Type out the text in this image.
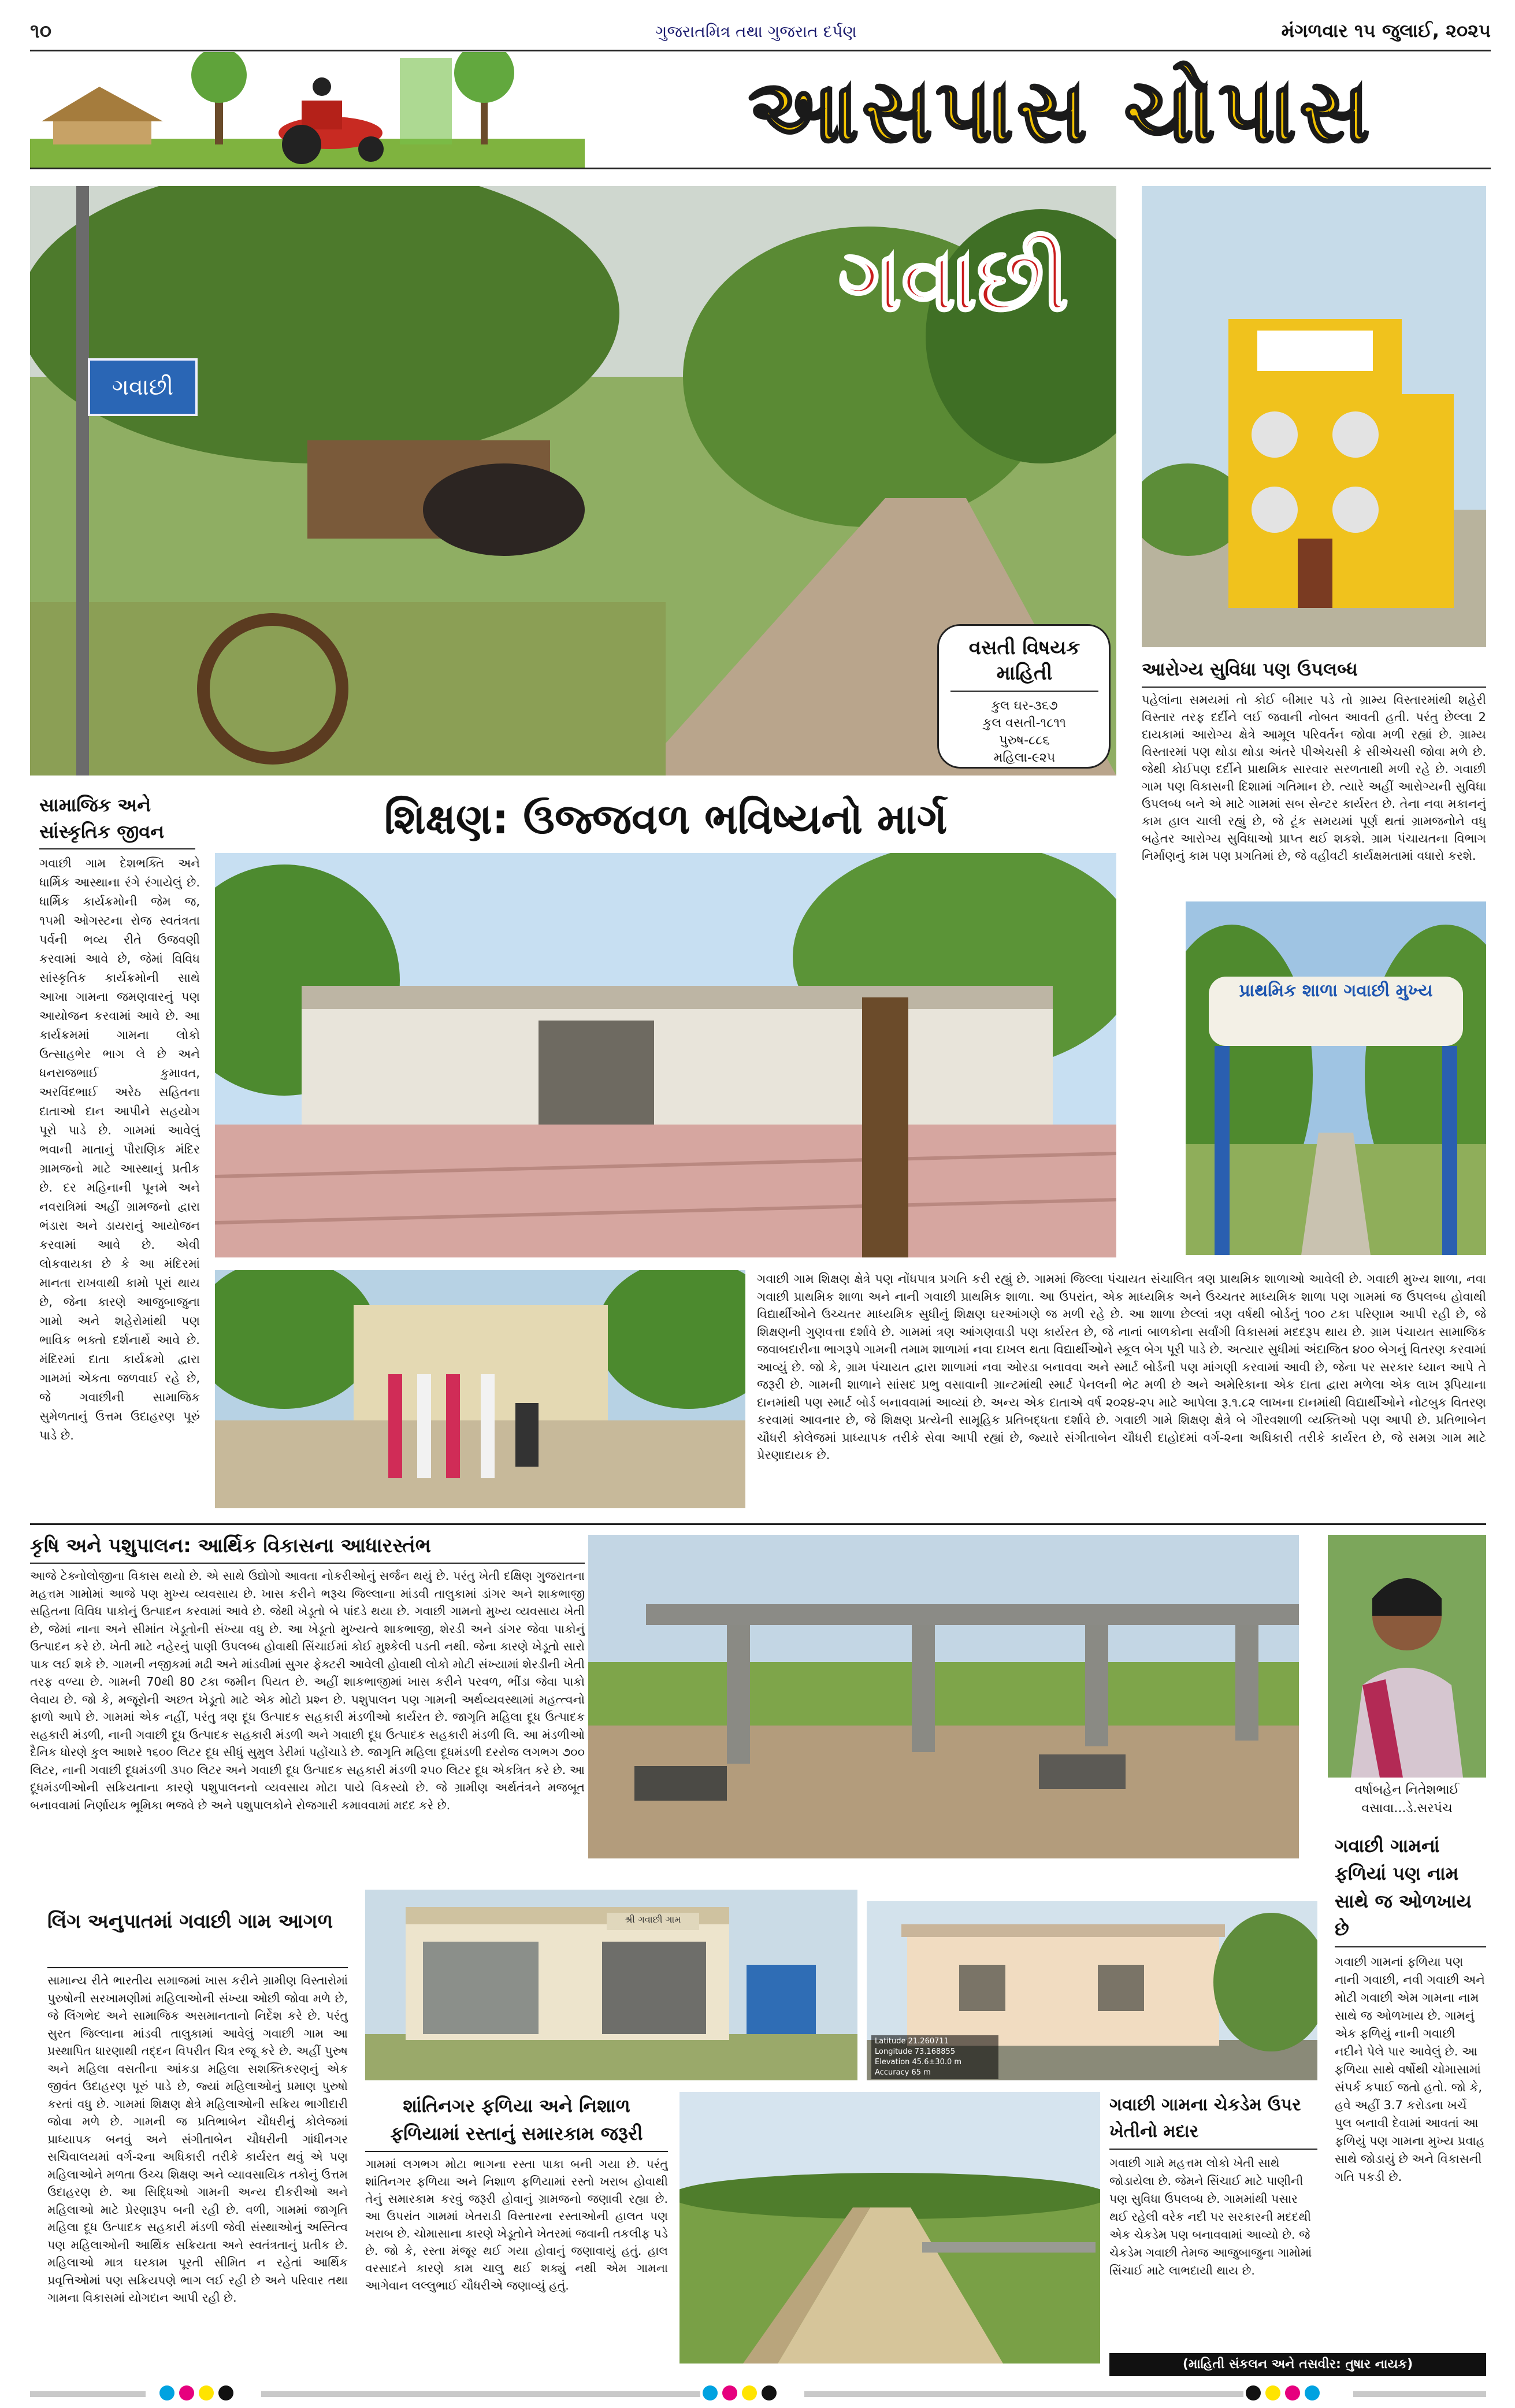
૧૦	ગુજરાતમિત્ર તથા ગુજરાત દર્પણ	મંગળવાર ૧૫ જુલાઈ, ૨૦૨૫
આસપાસ ચોપાસ
ગવાછી
ગવાછી
વસતી વિષયક માહિતી
કુલ ઘર-૩૬૭
કુલ વસતી-૧૮૧૧
પુરુષ-૮૮૬
મહિલા-૯૨૫
આરોગ્ય સુવિધા પણ ઉપલબ્ધ
પહેલાંના સમયમાં તો કોઈ બીમાર પડે તો ગ્રામ્ય વિસ્તારમાંથી શહેરી વિસ્તાર તરફ દર્દીને લઈ જવાની નોબત આવતી હતી. પરંતુ છેલ્લા 2 દાયકામાં આરોગ્ય ક્ષેત્રે આમૂલ પરિવર્તન જોવા મળી રહ્યાં છે. ગ્રામ્ય વિસ્તારમાં પણ થોડા થોડા અંતરે પીએચસી કે સીએચસી જોવા મળે છે. જેથી કોઈપણ દર્દીને પ્રાથમિક સારવાર સરળતાથી મળી રહે છે. ગવાછી ગામ પણ વિકાસની દિશામાં ગતિમાન છે. ત્યારે અહીં આરોગ્યની સુવિધા ઉપલબ્ધ બને એ માટે ગામમાં સબ સેન્ટર કાર્યરત છે. તેના નવા મકાનનું કામ હાલ ચાલી રહ્યું છે, જે ટૂંક સમયમાં પૂર્ણ થતાં ગ્રામજનોને વધુ બહેતર આરોગ્ય સુવિધાઓ પ્રાપ્ત થઈ શકશે. ગ્રામ પંચાયતના વિભાગ નિર્માણનું કામ પણ પ્રગતિમાં છે, જે વહીવટી કાર્યક્ષમતામાં વધારો કરશે.
પ્રાથમિક શાળા ગવાછી મુખ્ય
સામાજિક અને સાંસ્કૃતિક જીવન
ગવાછી ગામ દેશભક્તિ અને ધાર્મિક આસ્થાના રંગે રંગાયેલું છે. ધાર્મિક કાર્યક્રમોની જેમ જ, ૧૫મી ઓગસ્ટના રોજ સ્વતંત્રતા પર્વની ભવ્ય રીતે ઉજવણી કરવામાં આવે છે, જેમાં વિવિધ સાંસ્કૃતિક કાર્યક્રમોની સાથે આખા ગામના જમણવારનું પણ આયોજન કરવામાં આવે છે. આ કાર્યક્રમમાં ગામના લોકો ઉત્સાહભેર ભાગ લે છે અને ધનરાજભાઈ કુમાવત, અરવિંદભાઈ અરેઠ સહિતના દાતાઓ દાન આપીને સહયોગ પૂરો પાડે છે. ગામમાં આવેલું ભવાની માતાનું પૌરાણિક મંદિર ગ્રામજનો માટે આસ્થાનું પ્રતીક છે. દર મહિનાની પૂનમે અને નવરાત્રિમાં અહીં ગ્રામજનો દ્વારા ભંડારા અને ડાયરાનું આયોજન કરવામાં આવે છે. એવી લોકવાયકા છે કે આ મંદિરમાં માનતા રાખવાથી કામો પૂરાં થાય છે, જેના કારણે આજુબાજુના ગામો અને શહેરોમાંથી પણ ભાવિક ભક્તો દર્શનાર્થે આવે છે. મંદિરમાં દાતા કાર્યક્રમો દ્વારા ગામમાં એકતા જળવાઈ રહે છે, જે ગવાછીની સામાજિક સુમેળતાનું ઉત્તમ ઉદાહરણ પૂરું પાડે છે.
શિક્ષણ: ઉજ્જવળ ભવિષ્યનો માર્ગ
ગવાછી ગામ શિક્ષણ ક્ષેત્રે પણ નોંધપાત્ર પ્રગતિ કરી રહ્યું છે. ગામમાં જિલ્લા પંચાયત સંચાલિત ત્રણ પ્રાથમિક શાળાઓ આવેલી છે. ગવાછી મુખ્ય શાળા, નવા ગવાછી પ્રાથમિક શાળા અને નાની ગવાછી પ્રાથમિક શાળા. આ ઉપરાંત, એક માધ્યમિક અને ઉચ્ચતર માધ્યમિક શાળા પણ ગામમાં જ ઉપલબ્ધ હોવાથી વિદ્યાર્થીઓને ઉચ્ચતર માધ્યમિક સુધીનું શિક્ષણ ઘરઆંગણે જ મળી રહે છે. આ શાળા છેલ્લાં ત્રણ વર્ષથી બોર્ડનું ૧૦૦ ટકા પરિણામ આપી રહી છે, જે શિક્ષણની ગુણવત્તા દર્શાવે છે. ગામમાં ત્રણ આંગણવાડી પણ કાર્યરત છે, જે નાનાં બાળકોના સર્વાંગી વિકાસમાં મદદરૂપ થાય છે. ગ્રામ પંચાયત સામાજિક જવાબદારીના ભાગરૂપે ગામની તમામ શાળામાં નવા દાખલ થતા વિદ્યાર્થીઓને સ્કૂલ બેગ પૂરી પાડે છે. અત્યાર સુધીમાં અંદાજિત ૪૦૦ બેગનું વિતરણ કરવામાં આવ્યું છે. જો કે, ગ્રામ પંચાયત દ્વારા શાળામાં નવા ઓરડા બનાવવા અને સ્માર્ટ બોર્ડની પણ માંગણી કરવામાં આવી છે, જેના પર સરકાર ધ્યાન આપે તે જરૂરી છે. ગામની શાળાને સાંસદ પ્રભુ વસાવાની ગ્રાન્ટમાંથી સ્માર્ટ પેનલની ભેટ મળી છે અને અમેરિકાના એક દાતા દ્વારા મળેલા એક લાખ રૂપિયાના દાનમાંથી પણ સ્માર્ટ બોર્ડ બનાવવામાં આવ્યાં છે. અન્ય એક દાતાએ વર્ષ ૨૦૨૪-૨૫ માટે આપેલા રૂ.૧.૮૨ લાખના દાનમાંથી વિદ્યાર્થીઓને નોટબુક વિતરણ કરવામાં આવનાર છે, જે શિક્ષણ પ્રત્યેની સામૂહિક પ્રતિબદ્ધતા દર્શાવે છે. ગવાછી ગામે શિક્ષણ ક્ષેત્રે બે ગૌરવશાળી વ્યક્તિઓ પણ આપી છે. પ્રતિભાબેન ચૌધરી કોલેજમાં પ્રાધ્યાપક તરીકે સેવા આપી રહ્યાં છે, જ્યારે સંગીતાબેન ચૌધરી દાહોદમાં વર્ગ-૨ના અધિકારી તરીકે કાર્યરત છે, જે સમગ્ર ગામ માટે પ્રેરણાદાયક છે.
કૃષિ અને પશુપાલન: આર્થિક વિકાસના આધારસ્તંભ
આજે ટેક્નોલોજીના વિકાસ થયો છે. એ સાથે ઉદ્યોગો આવતા નોકરીઓનું સર્જન થયું છે. પરંતુ ખેતી દક્ષિણ ગુજરાતના મહત્તમ ગામોમાં આજે પણ મુખ્ય વ્યવસાય છે. ખાસ કરીને ભરૂચ જિલ્લાના માંડવી તાલુકામાં ડાંગર અને શાકભાજી સહિતના વિવિધ પાકોનું ઉત્પાદન કરવામાં આવે છે. જેથી ખેડૂતો બે પાંદડે થયા છે. ગવાછી ગામનો મુખ્ય વ્યવસાય ખેતી છે, જેમાં નાના અને સીમાંત ખેડૂતોની સંખ્યા વધુ છે. આ ખેડૂતો મુખ્યત્વે શાકભાજી, શેરડી અને ડાંગર જેવા પાકોનું ઉત્પાદન કરે છે. ખેતી માટે નહેરનું પાણી ઉપલબ્ધ હોવાથી સિંચાઈમાં કોઈ મુશ્કેલી પડતી નથી. જેના કારણે ખેડૂતો સારો પાક લઈ શકે છે. ગામની નજીકમાં મઢી અને માંડવીમાં સુગર ફેક્ટરી આવેલી હોવાથી લોકો મોટી સંખ્યામાં શેરડીની ખેતી તરફ વળ્યા છે. ગામની 70થી 80 ટકા જમીન પિયત છે. અહીં શાકભાજીમાં ખાસ કરીને પરવળ, ભીંડા જેવા પાકો લેવાય છે. જો કે, મજૂરોની અછત ખેડૂતો માટે એક મોટો પ્રશ્ન છે. પશુપાલન પણ ગામની અર્થવ્યવસ્થામાં મહત્ત્વનો ફાળો આપે છે. ગામમાં એક નહીં, પરંતુ ત્રણ દૂધ ઉત્પાદક સહકારી મંડળીઓ કાર્યરત છે. જાગૃતિ મહિલા દૂધ ઉત્પાદક સહકારી મંડળી, નાની ગવાછી દૂધ ઉત્પાદક સહકારી મંડળી અને ગવાછી દૂધ ઉત્પાદક સહકારી મંડળી લિ. આ મંડળીઓ દૈનિક ધોરણે કુલ આશરે ૧૬૦૦ લિટર દૂધ સીધું સુમુલ ડેરીમાં પહોંચાડે છે. જાગૃતિ મહિલા દૂધમંડળી દરરોજ લગભગ ૭૦૦ લિટર, નાની ગવાછી દૂધમંડળી ૩૫૦ લિટર અને ગવાછી દૂધ ઉત્પાદક સહકારી મંડળી ૨૫૦ લિટર દૂધ એકત્રિત કરે છે. આ દૂધમંડળીઓની સક્રિયતાના કારણે પશુપાલનનો વ્યવસાય મોટા પાયે વિકસ્યો છે. જે ગ્રામીણ અર્થતંત્રને મજબૂત બનાવવામાં નિર્ણાયક ભૂમિકા ભજવે છે અને પશુપાલકોને રોજગારી કમાવવામાં મદદ કરે છે.
વર્ષાબહેન નિતેશભાઈ
વસાવા...ડે.સરપંચ
ગવાછી ગામનાં ફળિયાં પણ નામ સાથે જ ઓળખાય છે
ગવાછી ગામનાં ફળિયા પણ નાની ગવાછી, નવી ગવાછી અને મોટી ગવાછી એમ ગામના નામ સાથે જ ઓળખાય છે. ગામનું એક ફળિયું નાની ગવાછી નદીને પેલે પાર આવેલું છે. આ ફળિયા સાથે વર્ષોથી ચોમાસામાં સંપર્ક કપાઈ જતો હતો. જો કે, હવે અહીં 3.7 કરોડના ખર્ચે પુલ બનાવી દેવામાં આવતાં આ ફળિયું પણ ગામના મુખ્ય પ્રવાહ સાથે જોડાયું છે અને વિકાસની ગતિ પકડી છે.
લિંગ અનુપાતમાં ગવાછી ગામ આગળ
સામાન્ય રીતે ભારતીય સમાજમાં ખાસ કરીને ગ્રામીણ વિસ્તારોમાં પુરુષોની સરખામણીમાં મહિલાઓની સંખ્યા ઓછી જોવા મળે છે, જે લિંગભેદ અને સામાજિક અસમાનતાનો નિર્દેશ કરે છે. પરંતુ સુરત જિલ્લાના માંડવી તાલુકામાં આવેલું ગવાછી ગામ આ પ્રસ્થાપિત ધારણાથી તદ્દન વિપરીત ચિત્ર રજૂ કરે છે. અહીં પુરુષ અને મહિલા વસતીના આંકડા મહિલા સશક્તિકરણનું એક જીવંત ઉદાહરણ પૂરું પાડે છે, જ્યાં મહિલાઓનું પ્રમાણ પુરુષો કરતાં વધુ છે. ગામમાં શિક્ષણ ક્ષેત્રે મહિલાઓની સક્રિય ભાગીદારી જોવા મળે છે. ગામની જ પ્રતિભાબેન ચૌધરીનું કોલેજમાં પ્રાધ્યાપક બનવું અને સંગીતાબેન ચૌધરીની ગાંધીનગર સચિવાલયમાં વર્ગ-૨ના અધિકારી તરીકે કાર્યરત થવું એ પણ મહિલાઓને મળતા ઉચ્ચ શિક્ષણ અને વ્યાવસાયિક તકોનું ઉત્તમ ઉદાહરણ છે. આ સિદ્ધિઓ ગામની અન્ય દીકરીઓ અને મહિલાઓ માટે પ્રેરણારૂપ બની રહી છે. વળી, ગામમાં જાગૃતિ મહિલા દૂધ ઉત્પાદક સહકારી મંડળી જેવી સંસ્થાઓનું અસ્તિત્વ પણ મહિલાઓની આર્થિક સક્રિયતા અને સ્વતંત્રતાનું પ્રતીક છે. મહિલાઓ માત્ર ઘરકામ પૂરતી સીમિત ન રહેતાં આર્થિક પ્રવૃત્તિઓમાં પણ સક્રિયપણે ભાગ લઈ રહી છે અને પરિવાર તથા ગામના વિકાસમાં યોગદાન આપી રહી છે.
શ્રી ગવાછી ગામ
Latitude 21.260711
Longitude 73.168855
Elevation 45.6±30.0 m
Accuracy 65 m
શાંતિનગર ફળિયા અને નિશાળ ફળિયામાં રસ્તાનું સમારકામ જરૂરી
ગામમાં લગભગ મોટા ભાગના રસ્તા પાકા બની ગયા છે. પરંતુ શાંતિનગર ફળિયા અને નિશાળ ફળિયામાં રસ્તો ખરાબ હોવાથી તેનું સમારકામ કરવું જરૂરી હોવાનું ગ્રામજનો જણાવી રહ્યા છે. આ ઉપરાંત ગામમાં ખેતરાડી વિસ્તારના રસ્તાઓની હાલત પણ ખરાબ છે. ચોમાસાના કારણે ખેડૂતોને ખેતરમાં જવાની તકલીફ પડે છે. જો કે, રસ્તા મંજૂર થઈ ગયા હોવાનું જણાવાયું હતું. હાલ વરસાદને કારણે કામ ચાલુ થઈ શક્યું નથી એમ ગામના આગેવાન લલ્લુભાઈ ચૌધરીએ જણાવ્યું હતું.
ગવાછી ગામના ચેકડેમ ઉપર ખેતીનો મદાર
ગવાછી ગામે મહત્તમ લોકો ખેતી સાથે જોડાયેલા છે. જેમને સિંચાઈ માટે પાણીની પણ સુવિધા ઉપલબ્ધ છે. ગામમાંથી પસાર થઈ રહેલી વરેક નદી પર સરકારની મદદથી એક ચેકડેમ પણ બનાવવામાં આવ્યો છે. જે ચેકડેમ ગવાછી તેમજ આજુબાજુના ગામોમાં સિંચાઈ માટે લાભદાયી થાય છે.
(માહિતી સંકલન અને તસવીર: તુષાર નાયક)
